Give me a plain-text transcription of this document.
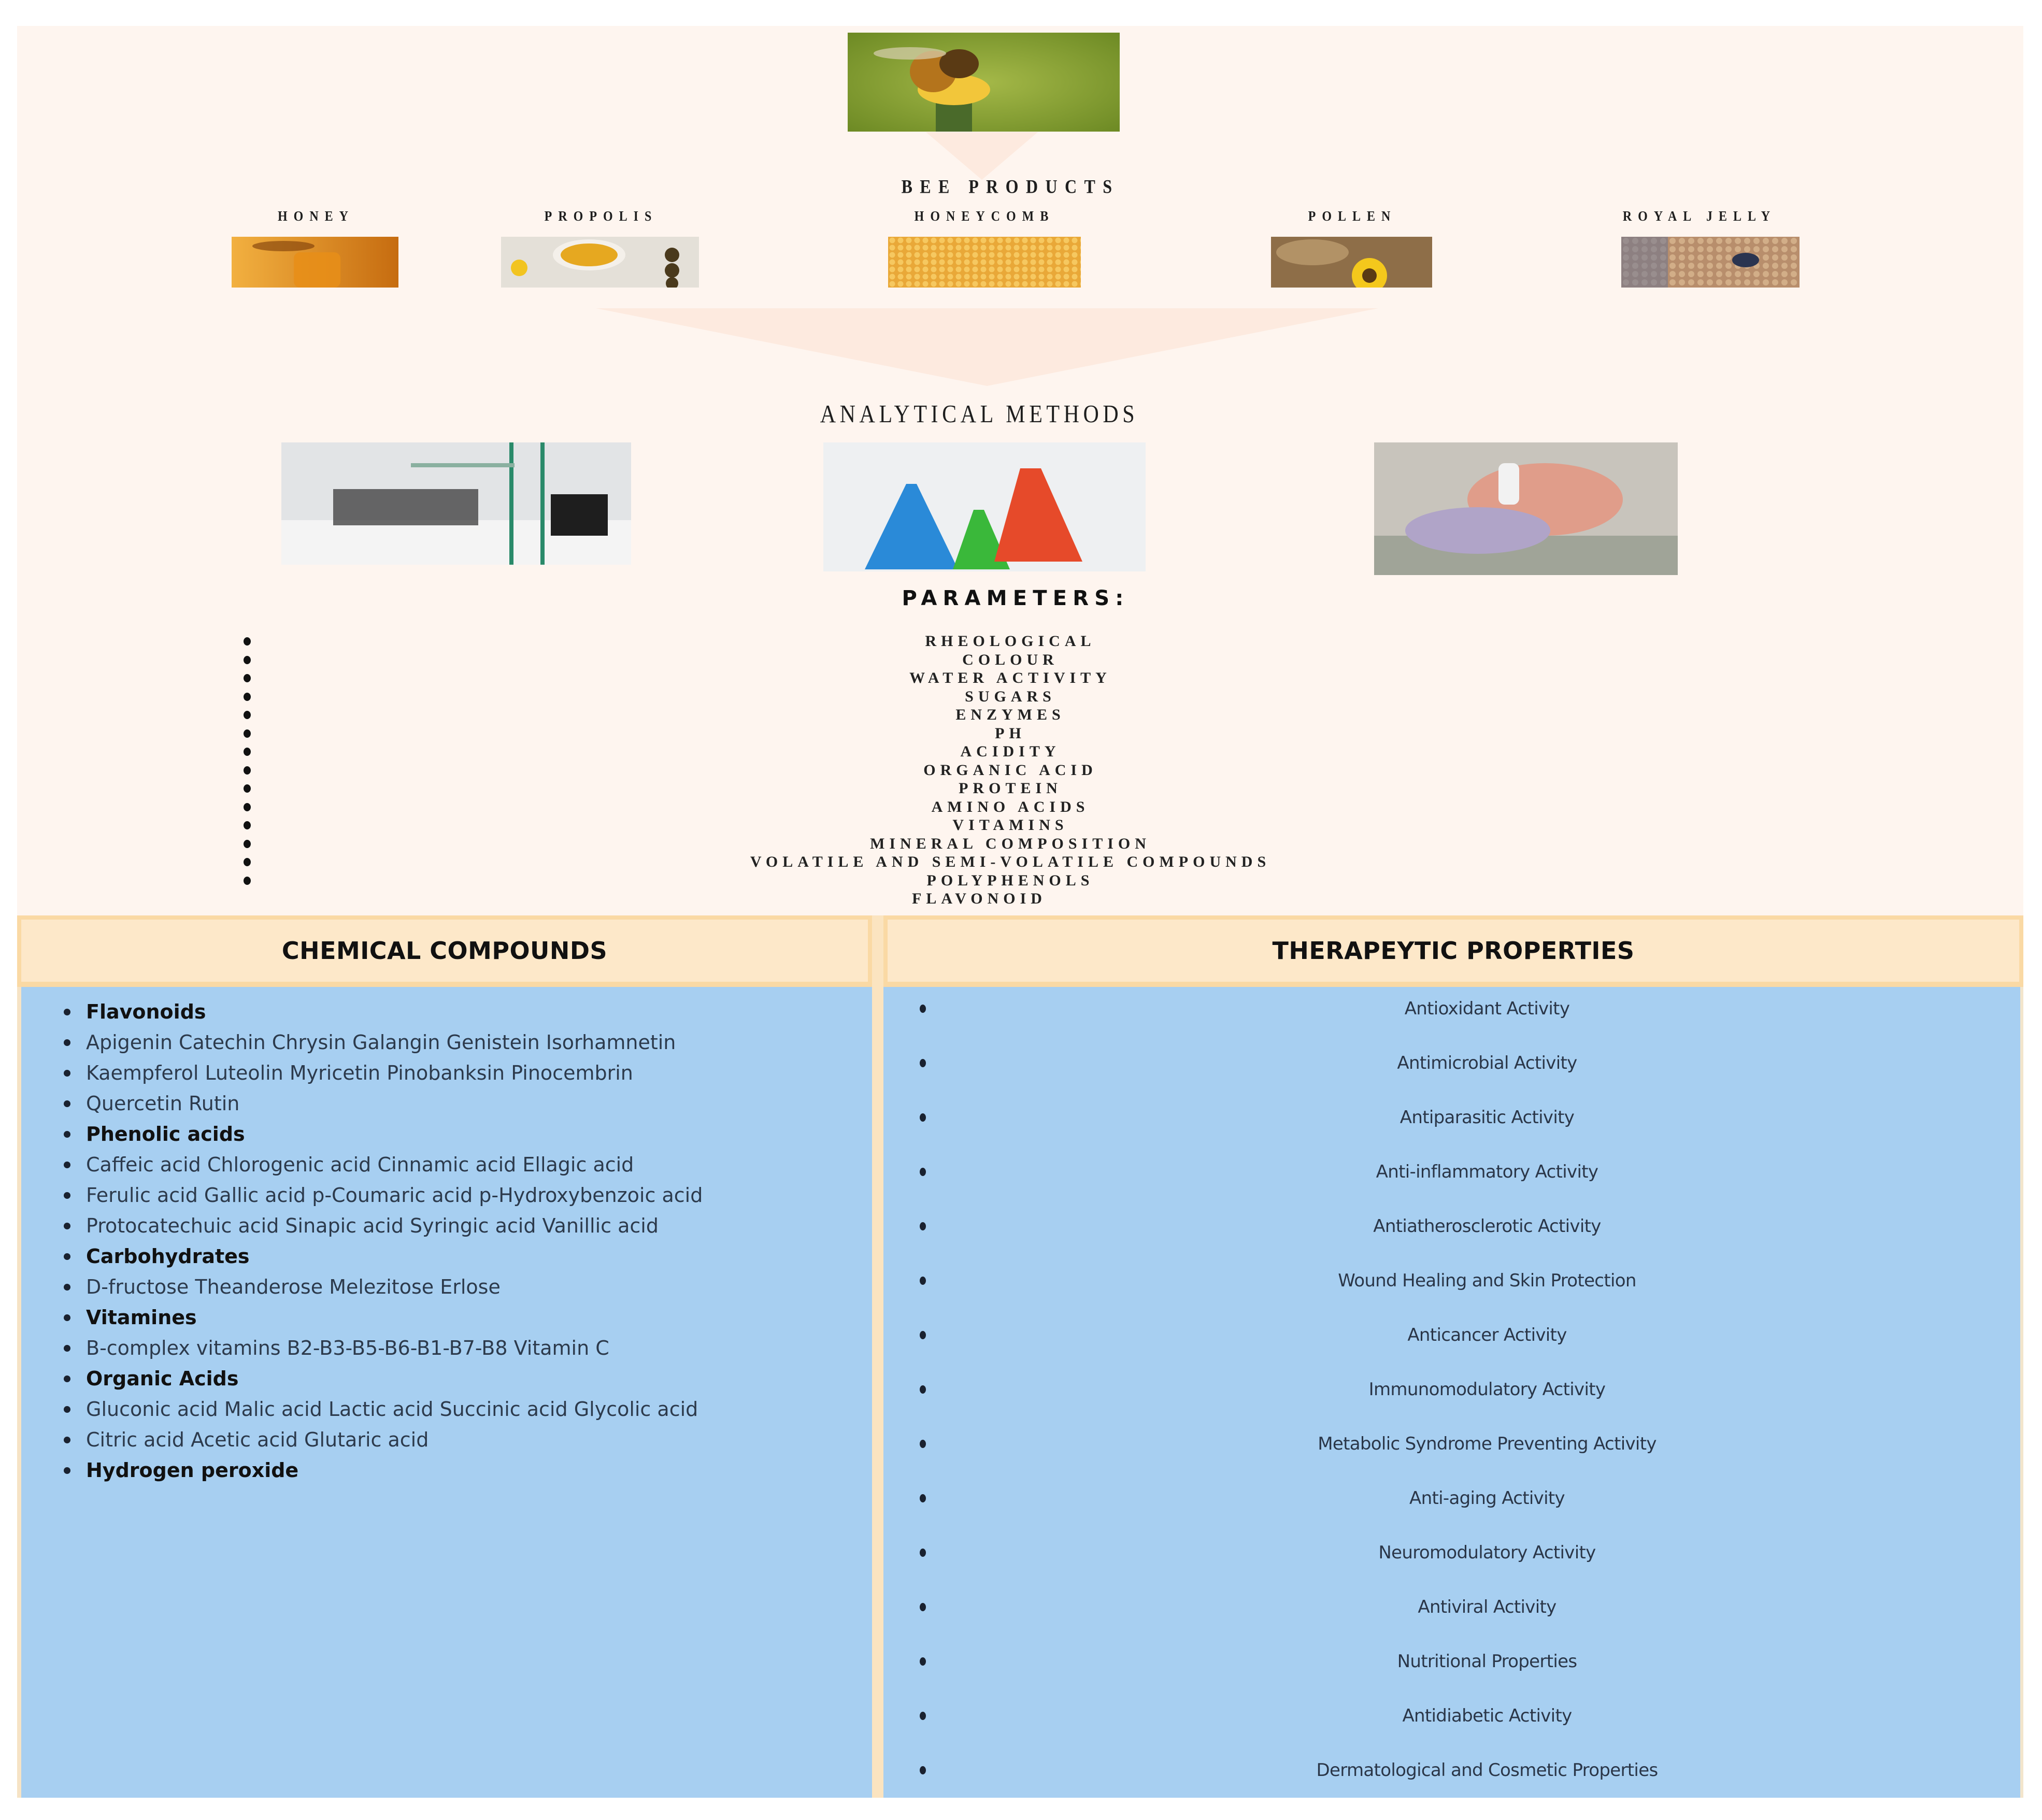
BEE PRODUCTS
HONEY	PROPOLIS	HONEYCOMB	POLLEN	ROYAL JELLY
ANALYTICAL METHODS
PARAMETERS:
RHEOLOGICAL
COLOUR
WATER ACTIVITY
SUGARS
ENZYMES
PH
ACIDITY
ORGANIC ACID
PROTEIN
AMINO ACIDS
VITAMINS
MINERAL COMPOSITION
VOLATILE AND SEMI-VOLATILE COMPOUNDS
POLYPHENOLS
FLAVONOID
CHEMICAL COMPOUNDS
Flavonoids
Apigenin Catechin Chrysin Galangin Genistein Isorhamnetin
Kaempferol Luteolin Myricetin Pinobanksin Pinocembrin
Quercetin Rutin
Phenolic acids
Caffeic acid Chlorogenic acid Cinnamic acid Ellagic acid
Ferulic acid Gallic acid p-Coumaric acid p-Hydroxybenzoic acid
Protocatechuic acid Sinapic acid Syringic acid Vanillic acid
Carbohydrates
D-fructose Theanderose Melezitose Erlose
Vitamines
B-complex vitamins B2-B3-B5-B6-B1-B7-B8 Vitamin C
Organic Acids
Gluconic acid Malic acid Lactic acid Succinic acid Glycolic acid
Citric acid Acetic acid Glutaric acid
Hydrogen peroxide
THERAPEYTIC PROPERTIES
Antioxidant Activity
Antimicrobial Activity
Antiparasitic Activity
Anti-inflammatory Activity
Antiatherosclerotic Activity
Wound Healing and Skin Protection
Anticancer Activity
Immunomodulatory Activity
Metabolic Syndrome Preventing Activity
Anti-aging Activity
Neuromodulatory Activity
Antiviral Activity
Nutritional Properties
Antidiabetic Activity
Dermatological and Cosmetic Properties
